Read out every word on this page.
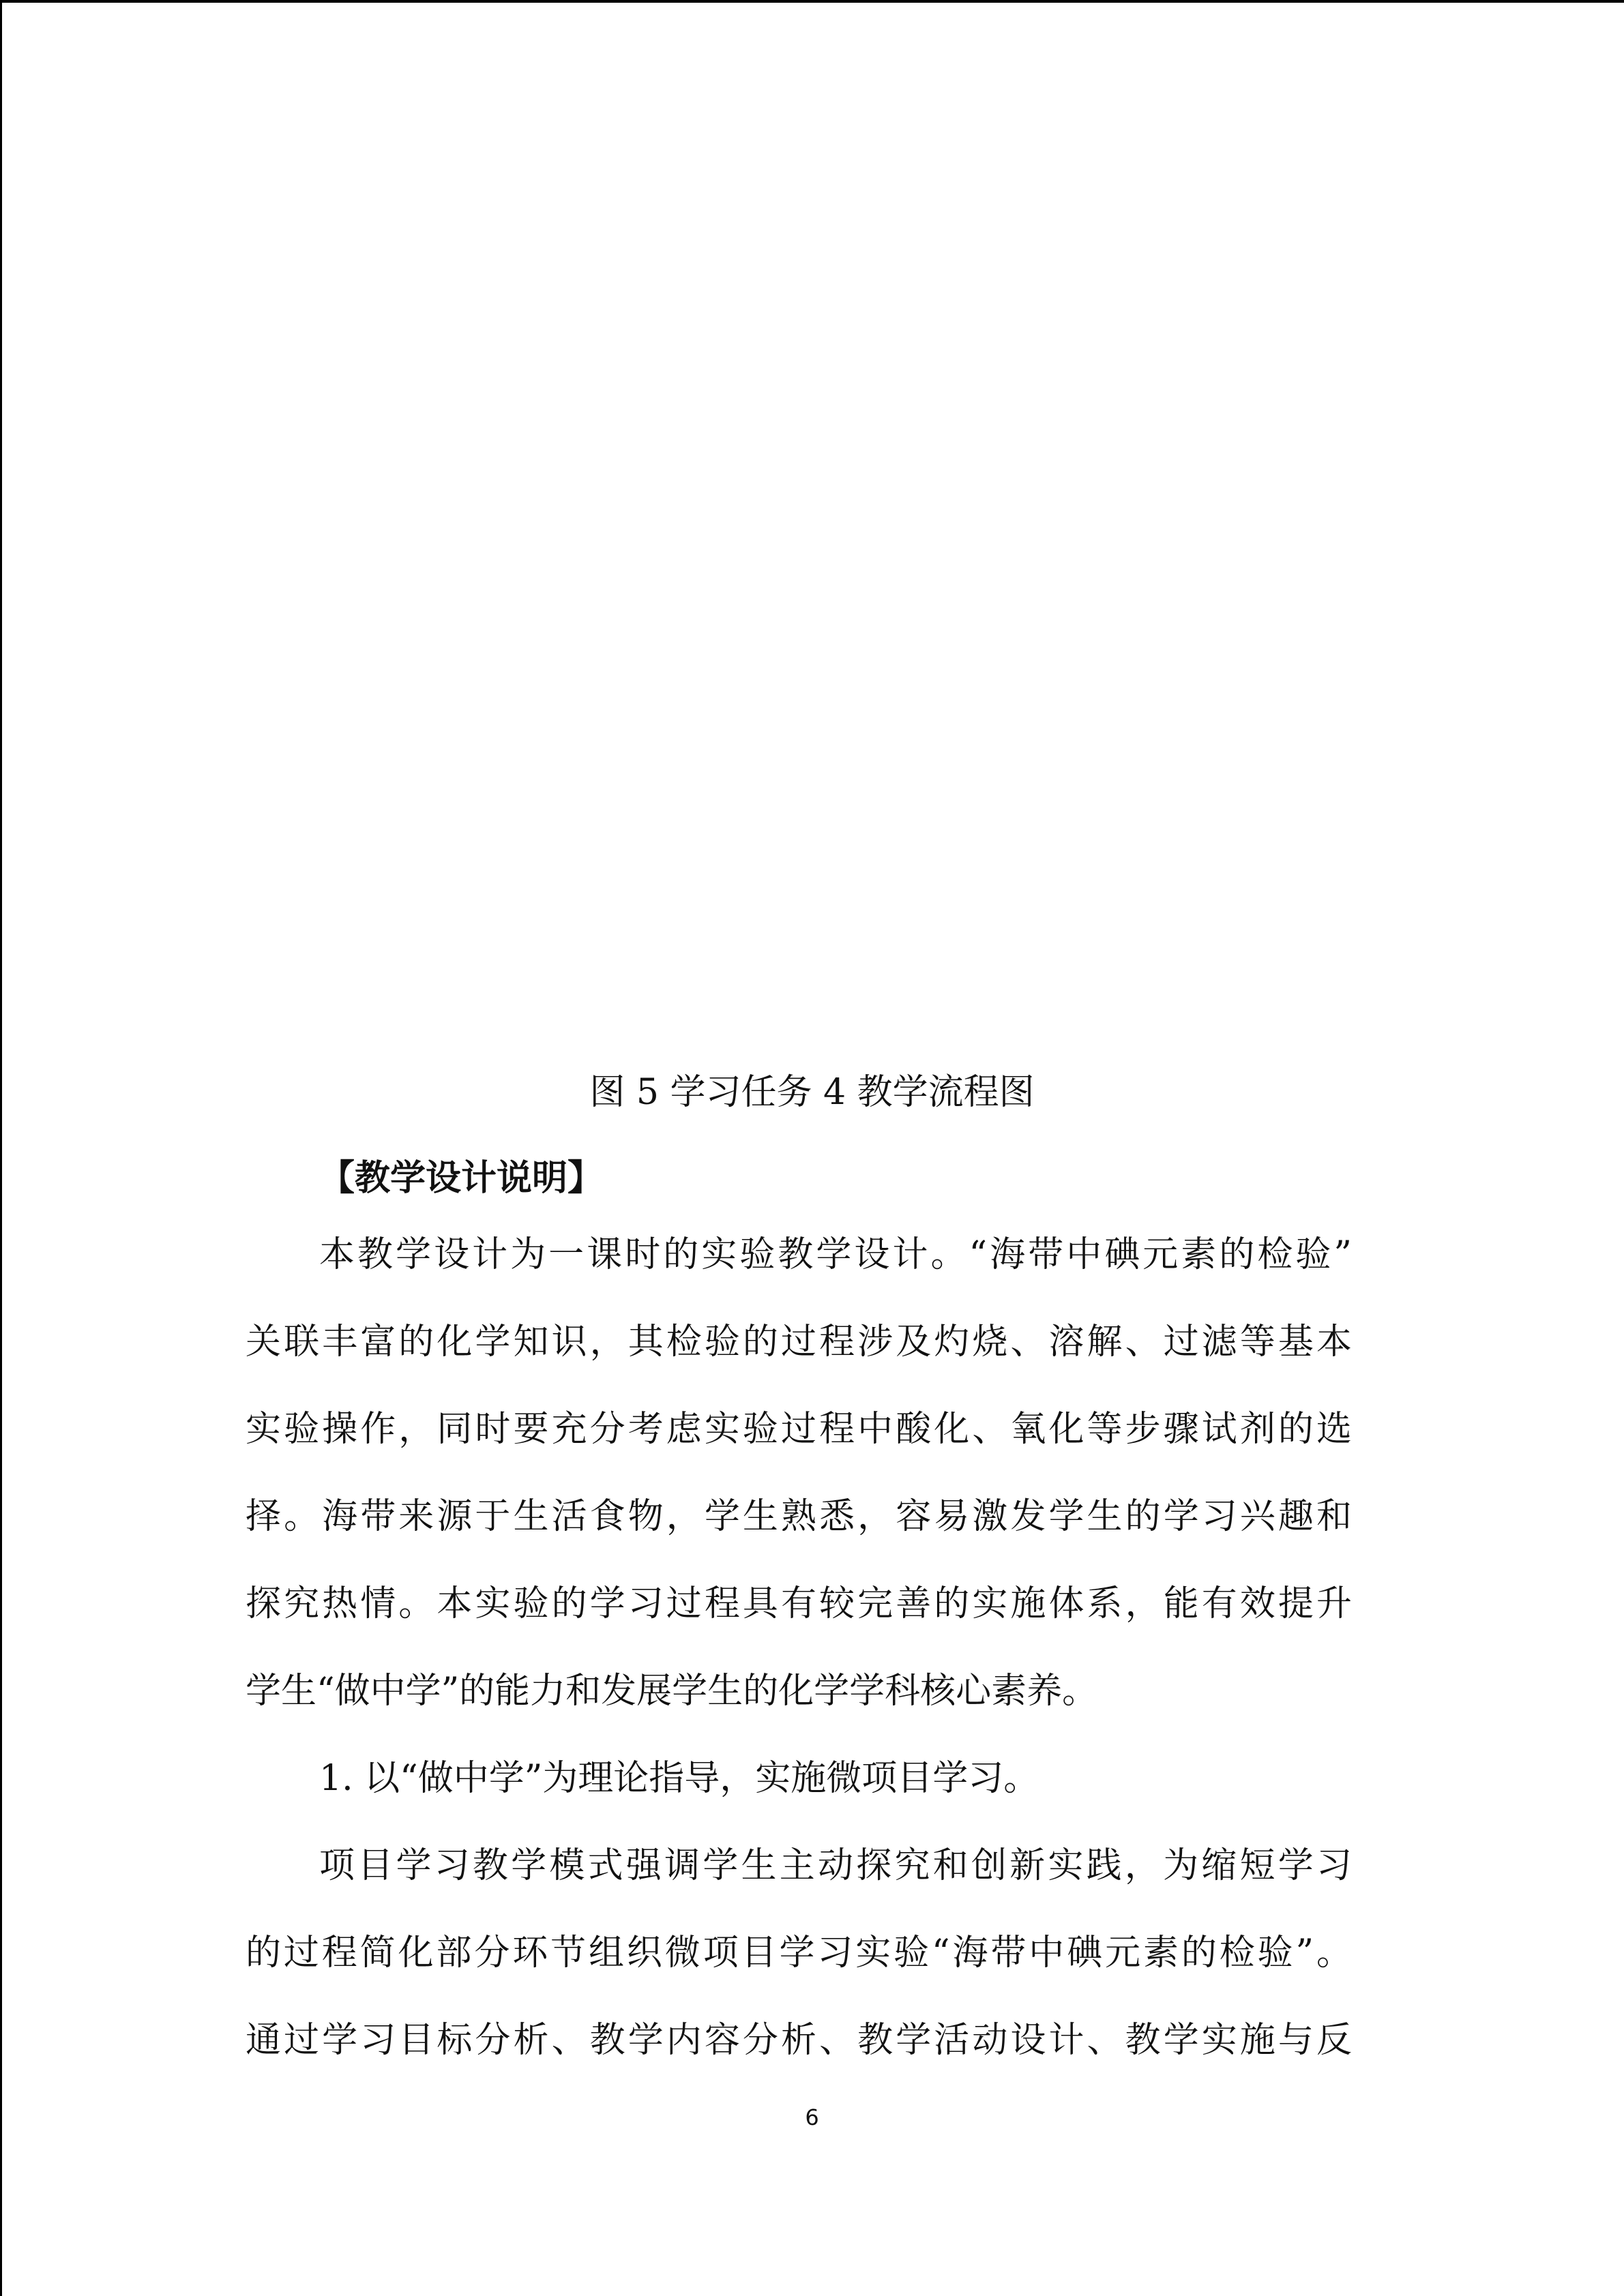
图 5 学习任务 4 教学流程图
【教学设计说明】
本教学设计为一课时的实验教学设计。“海带中碘元素的检验”
关联丰富的化学知识，其检验的过程涉及灼烧、溶解、过滤等基本
实验操作，同时要充分考虑实验过程中酸化、氧化等步骤试剂的选
择。海带来源于生活食物，学生熟悉，容易激发学生的学习兴趣和
探究热情。本实验的学习过程具有较完善的实施体系，能有效提升
学生“做中学”的能力和发展学生的化学学科核心素养。
1. 以“做中学”为理论指导，实施微项目学习。
项目学习教学模式强调学生主动探究和创新实践，为缩短学习
的过程简化部分环节组织微项目学习实验“海带中碘元素的检验”。
通过学习目标分析、教学内容分析、教学活动设计、教学实施与反
6
